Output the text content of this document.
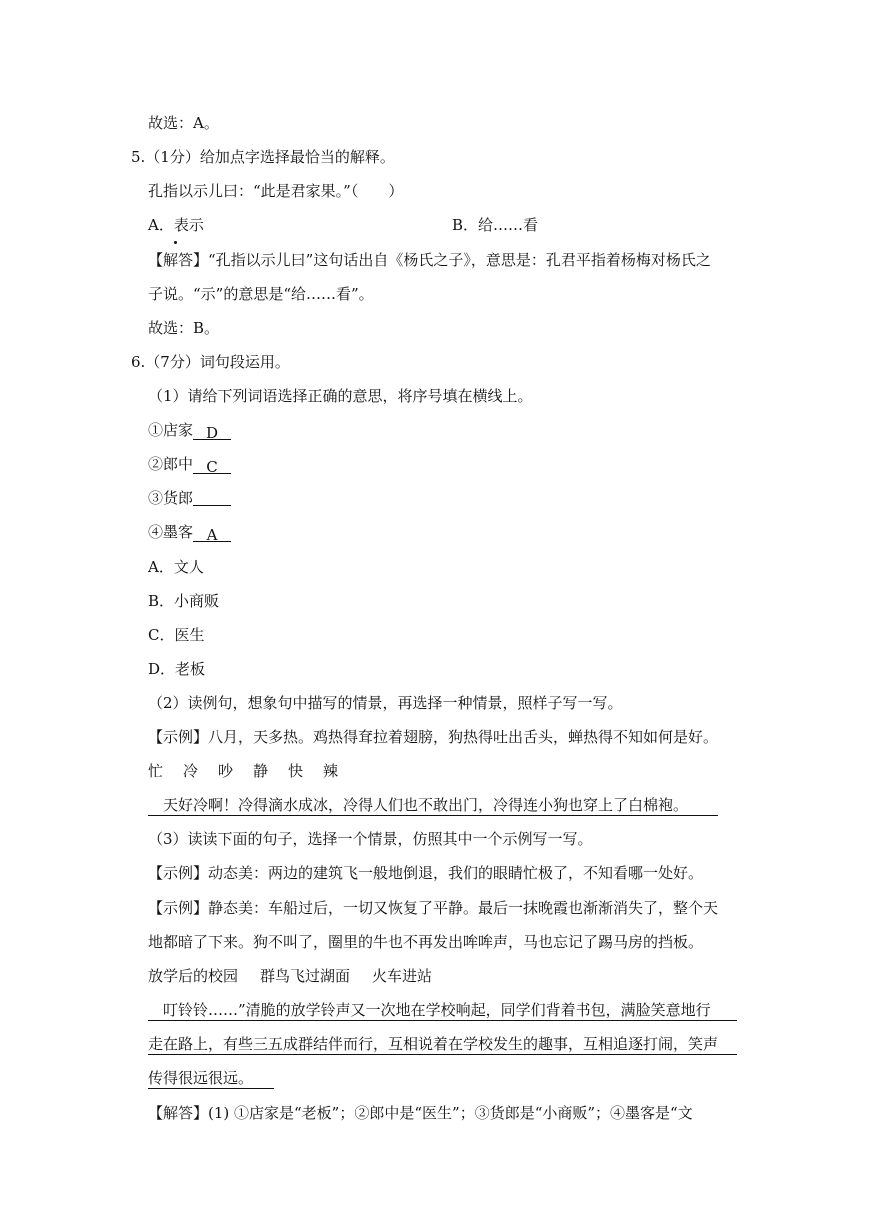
故选：A。
5.（1分）给加点字选择最恰当的解释。
孔指以示儿曰：“此是君家果。”（　　）
A．表示	B．给……看
【解答】“孔指以示儿曰”这句话出自《杨氏之子》，意思是：孔君平指着杨梅对杨氏之
子说。“示”的意思是“给……看”。
故选：B。
6.（7分）词句段运用。
（1）请给下列词语选择正确的意思，将序号填在横线上。
①店家 D
②郎中 C
③货郎
④墨客 A
A．文人
B．小商贩
C．医生
D．老板
（2）读例句，想象句中描写的情景，再选择一种情景，照样子写一写。
【示例】八月，天多热。鸡热得耷拉着翅膀，狗热得吐出舌头，蝉热得不知如何是好。
忙 冷 吵 静 快 辣
天好冷啊！冷得滴水成冰，冷得人们也不敢出门，冷得连小狗也穿上了白棉袍。
（3）读读下面的句子，选择一个情景，仿照其中一个示例写一写。
【示例】动态美：两边的建筑飞一般地倒退，我们的眼睛忙极了，不知看哪一处好。
【示例】静态美：车船过后，一切又恢复了平静。最后一抹晚霞也渐渐消失了，整个天
地都暗了下来。狗不叫了，圈里的牛也不再发出哞哞声，马也忘记了踢马房的挡板。
放学后的校园 群鸟飞过湖面 火车进站
叮铃铃……”清脆的放学铃声又一次地在学校响起，同学们背着书包，满脸笑意地行
走在路上，有些三五成群结伴而行，互相说着在学校发生的趣事，互相追逐打闹，笑声
传得很远很远。
【解答】(1) ①店家是“老板”；②郎中是“医生”；③货郎是“小商贩”；④墨客是“文
